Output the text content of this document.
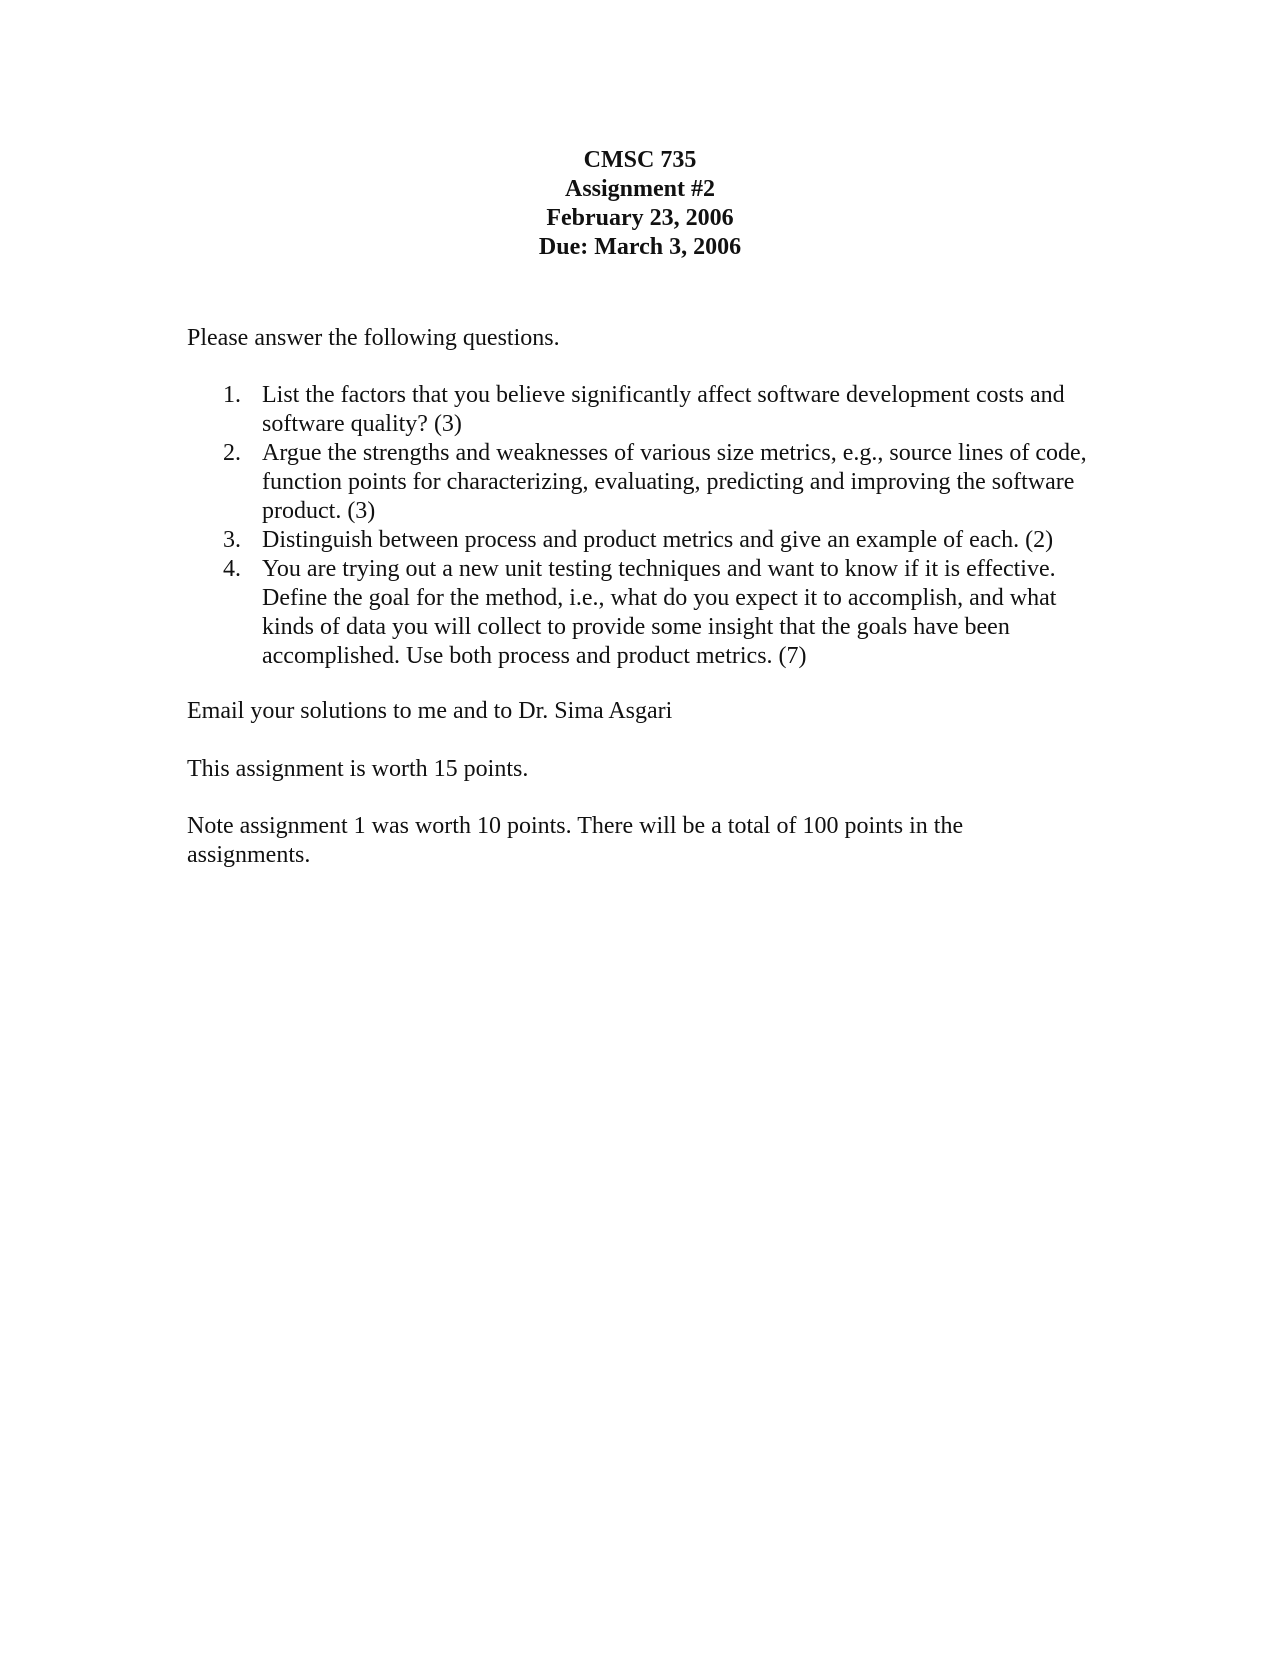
CMSC 735
Assignment #2
February 23, 2006
Due: March 3, 2006
Please answer the following questions.
1. List the factors that you believe significantly affect software development costs and software quality? (3)
2. Argue the strengths and weaknesses of various size metrics, e.g., source lines of code, function points for characterizing, evaluating, predicting and improving the software product. (3)
3. Distinguish between process and product metrics and give an example of each. (2)
4. You are trying out a new unit testing techniques and want to know if it is effective. Define the goal for the method, i.e., what do you expect it to accomplish, and what kinds of data you will collect to provide some insight that the goals have been accomplished. Use both process and product metrics. (7)
Email your solutions to me and to Dr. Sima Asgari
This assignment is worth 15 points.
Note assignment 1 was worth 10 points. There will be a total of 100 points in the assignments.
